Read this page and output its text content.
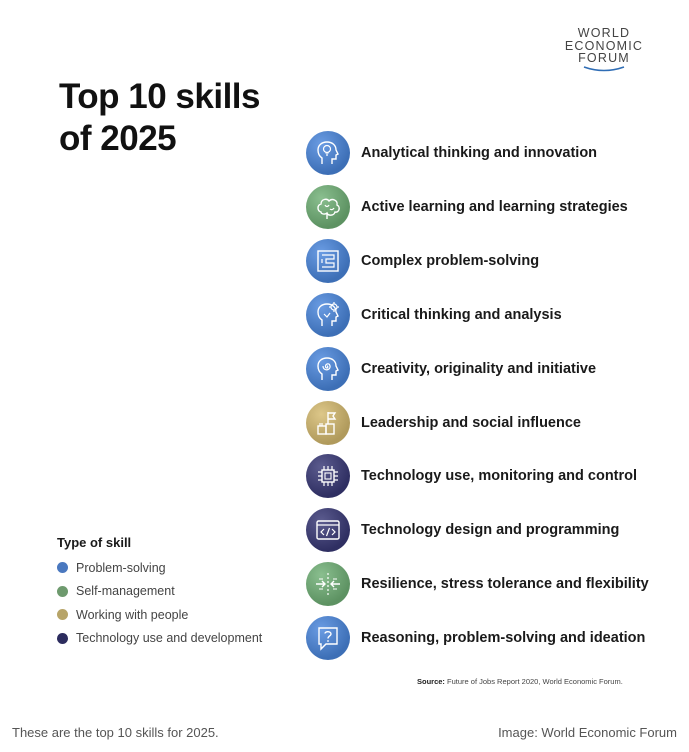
WORLD
ECONOMIC
FORUM
Top 10 skills
of 2025	Analytical thinking and innovation
Active learning and learning strategies
Complex problem-solving
Critical thinking and analysis
Creativity, originality and initiative
Leadership and social influence
Technology use, monitoring and control
Technology design and programming
Resilience, stress tolerance and flexibility
Reasoning, problem-solving and ideation
Type of skill
Problem-solving
Self-management
Working with people
Technology use and development
Source: Future of Jobs Report 2020, World Economic Forum.
These are the top 10 skills for 2025.	Image: World Economic Forum
